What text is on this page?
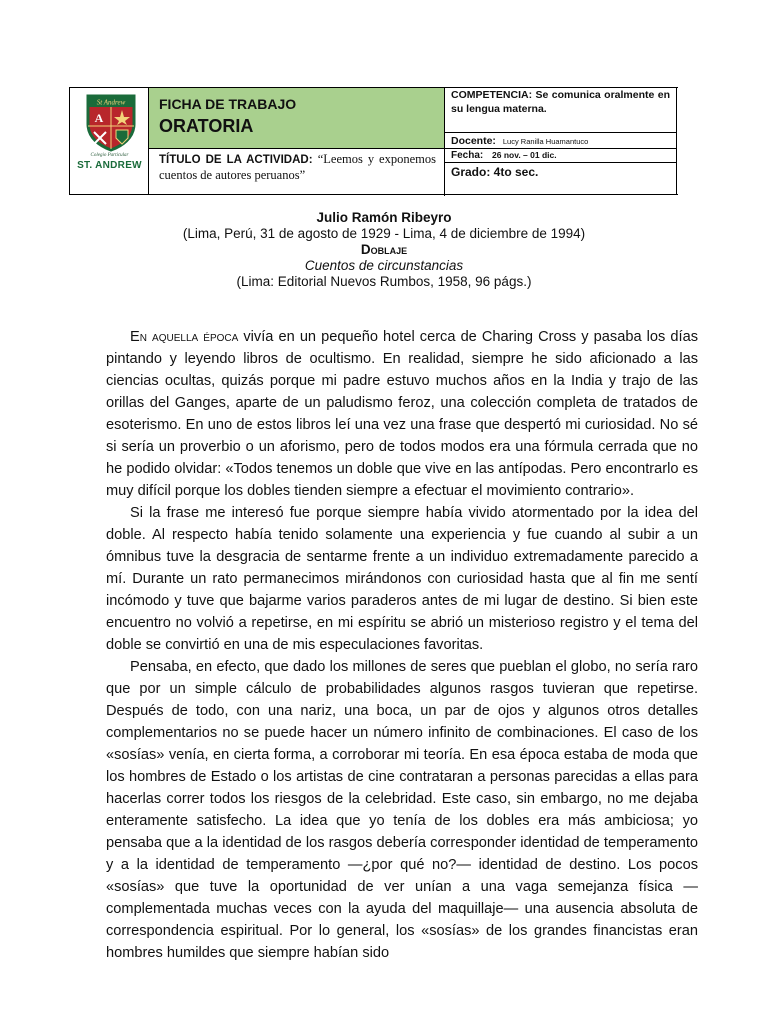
St Andrew
A
Colegio Particular
ST. ANDREW
FICHA DE TRABAJO
ORATORIA
TÍTULO DE LA ACTIVIDAD: “Leemos y exponemos cuentos de autores peruanos”
COMPETENCIA: Se comunica oralmente en su lengua materna.
Docente: Lucy Ranilla Huamantuco
Fecha: 26 nov. – 01 dic.
Grado: 4to sec.
Julio Ramón Ribeyro
(Lima, Perú, 31 de agosto de 1929 - Lima, 4 de diciembre de 1994)
Doblaje
Cuentos de circunstancias
(Lima: Editorial Nuevos Rumbos, 1958, 96 págs.)

En aquella época vivía en un pequeño hotel cerca de Charing Cross y pasaba los días pintando y leyendo libros de ocultismo. En realidad, siempre he sido aficionado a las ciencias ocultas, quizás porque mi padre estuvo muchos años en la India y trajo de las orillas del Ganges, aparte de un paludismo feroz, una colección completa de tratados de esoterismo. En uno de estos libros leí una vez una frase que despertó mi curiosidad. No sé si sería un proverbio o un aforismo, pero de todos modos era una fórmula cerrada que no he podido olvidar: «Todos tenemos un doble que vive en las antípodas. Pero encontrarlo es muy difícil porque los dobles tienden siempre a efectuar el movimiento contrario».

Si la frase me interesó fue porque siempre había vivido atormentado por la idea del doble. Al respecto había tenido solamente una experiencia y fue cuando al subir a un ómnibus tuve la desgracia de sentarme frente a un individuo extremadamente parecido a mí. Durante un rato permanecimos mirándonos con curiosidad hasta que al fin me sentí incómodo y tuve que bajarme varios paraderos antes de mi lugar de destino. Si bien este encuentro no volvió a repetirse, en mi espíritu se abrió un misterioso registro y el tema del doble se convirtió en una de mis especulaciones favoritas.

Pensaba, en efecto, que dado los millones de seres que pueblan el globo, no sería raro que por un simple cálculo de probabilidades algunos rasgos tuvieran que repetirse. Después de todo, con una nariz, una boca, un par de ojos y algunos otros detalles complementarios no se puede hacer un número infinito de combinaciones. El caso de los «sosías» venía, en cierta forma, a corroborar mi teoría. En esa época estaba de moda que los hombres de Estado o los artistas de cine contrataran a personas parecidas a ellas para hacerlas correr todos los riesgos de la celebridad. Este caso, sin embargo, no me dejaba enteramente satisfecho. La idea que yo tenía de los dobles era más ambiciosa; yo pensaba que a la identidad de los rasgos debería corresponder identidad de temperamento y a la identidad de temperamento —¿por qué no?— identidad de destino. Los pocos «sosías» que tuve la oportunidad de ver unían a una vaga semejanza física —complementada muchas veces con la ayuda del maquillaje— una ausencia absoluta de correspondencia espiritual. Por lo general, los «sosías» de los grandes financistas eran hombres humildes que siempre habían sido
